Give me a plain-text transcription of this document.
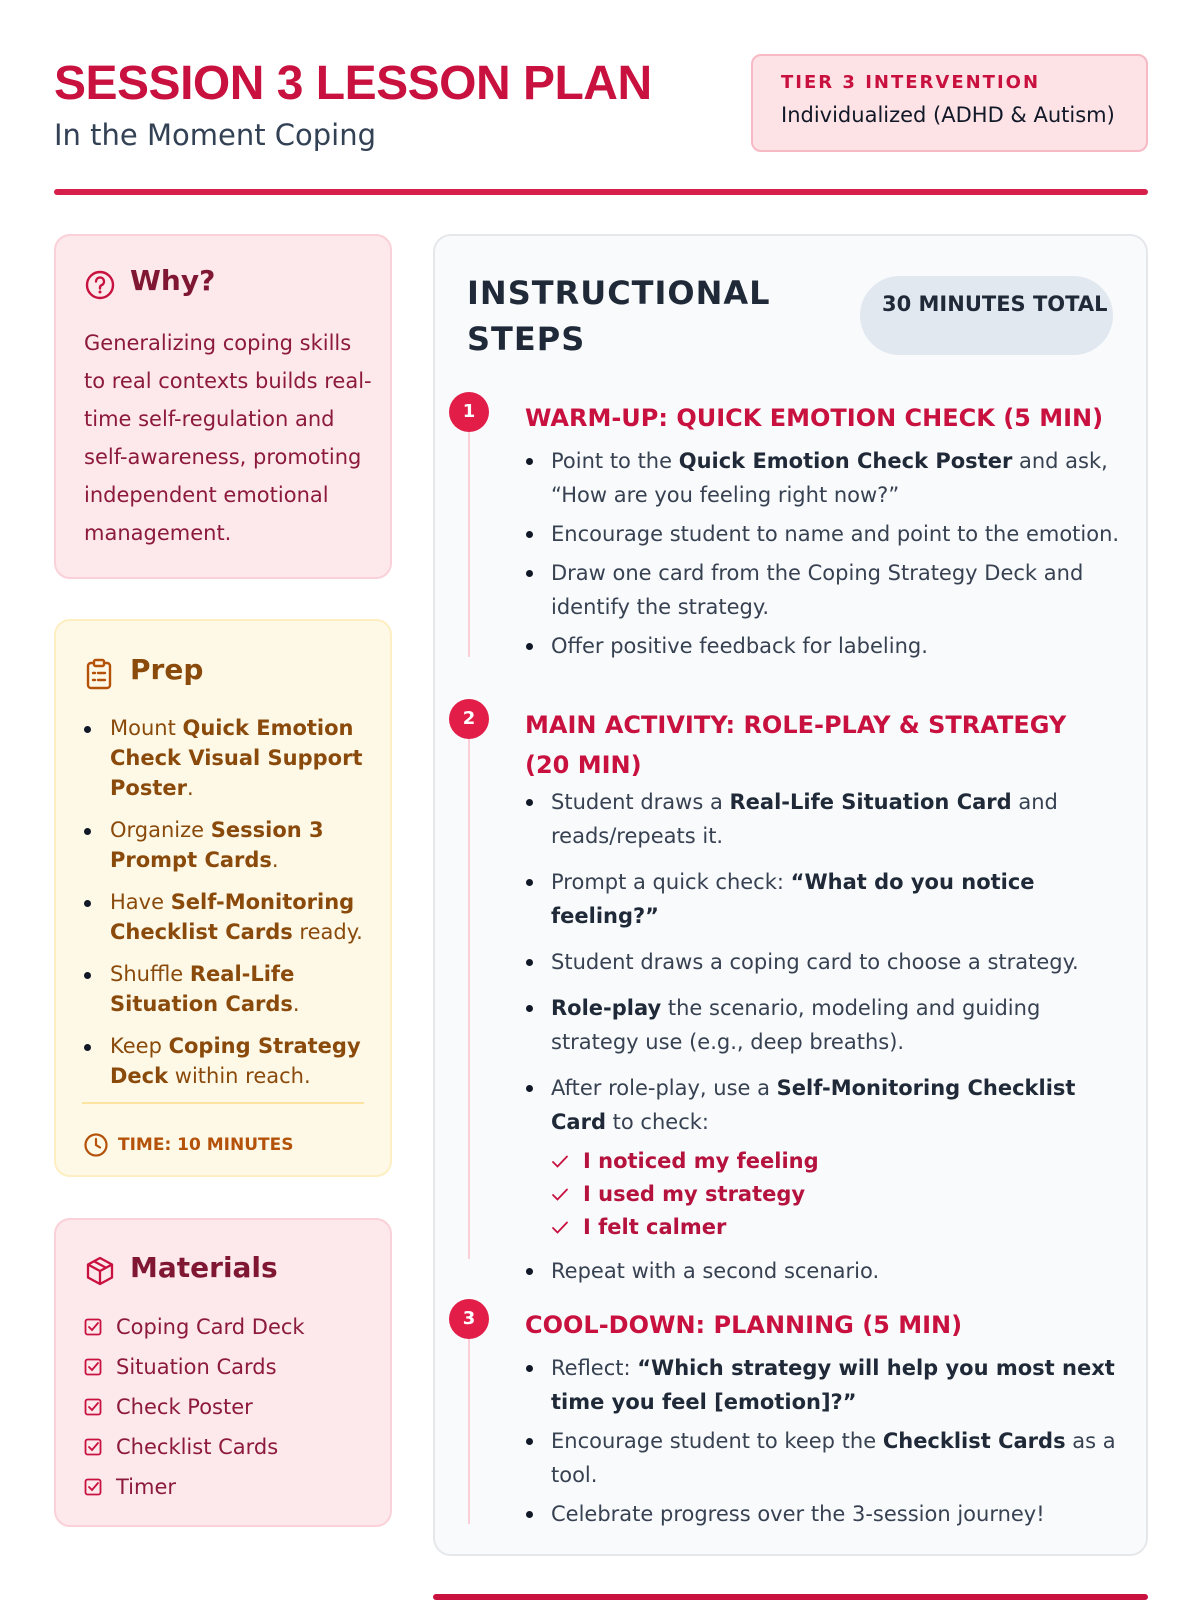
SESSION 3 LESSON PLAN
In the Moment Coping
TIER 3 INTERVENTION
Individualized (ADHD & Autism)
Why?
Generalizing coping skills to real contexts builds real-time self-regulation and self-awareness, promoting independent emotional management.
Prep
Mount Quick Emotion Check Visual Support Poster.
Organize Session 3 Prompt Cards.
Have Self-Monitoring Checklist Cards ready.
Shuffle Real-Life Situation Cards.
Keep Coping Strategy Deck within reach.
TIME: 10 MINUTES
Materials
Coping Card Deck
Situation Cards
Check Poster
Checklist Cards
Timer
INSTRUCTIONAL STEPS
30 MINUTES TOTAL
1	WARM-UP: QUICK EMOTION CHECK (5 MIN)
Point to the Quick Emotion Check Poster and ask, “How are you feeling right now?”
Encourage student to name and point to the emotion.
Draw one card from the Coping Strategy Deck and identify the strategy.
Offer positive feedback for labeling.
2	MAIN ACTIVITY: ROLE-PLAY & STRATEGY (20 MIN)
Student draws a Real-Life Situation Card and reads/repeats it.
Prompt a quick check: “What do you notice feeling?”
Student draws a coping card to choose a strategy.
Role-play the scenario, modeling and guiding strategy use (e.g., deep breaths).
After role-play, use a Self-Monitoring Checklist Card to check:
I noticed my feeling
I used my strategy
I felt calmer
Repeat with a second scenario.
3	COOL-DOWN: PLANNING (5 MIN)
Reflect: “Which strategy will help you most next time you feel [emotion]?”
Encourage student to keep the Checklist Cards as a tool.
Celebrate progress over the 3-session journey!
